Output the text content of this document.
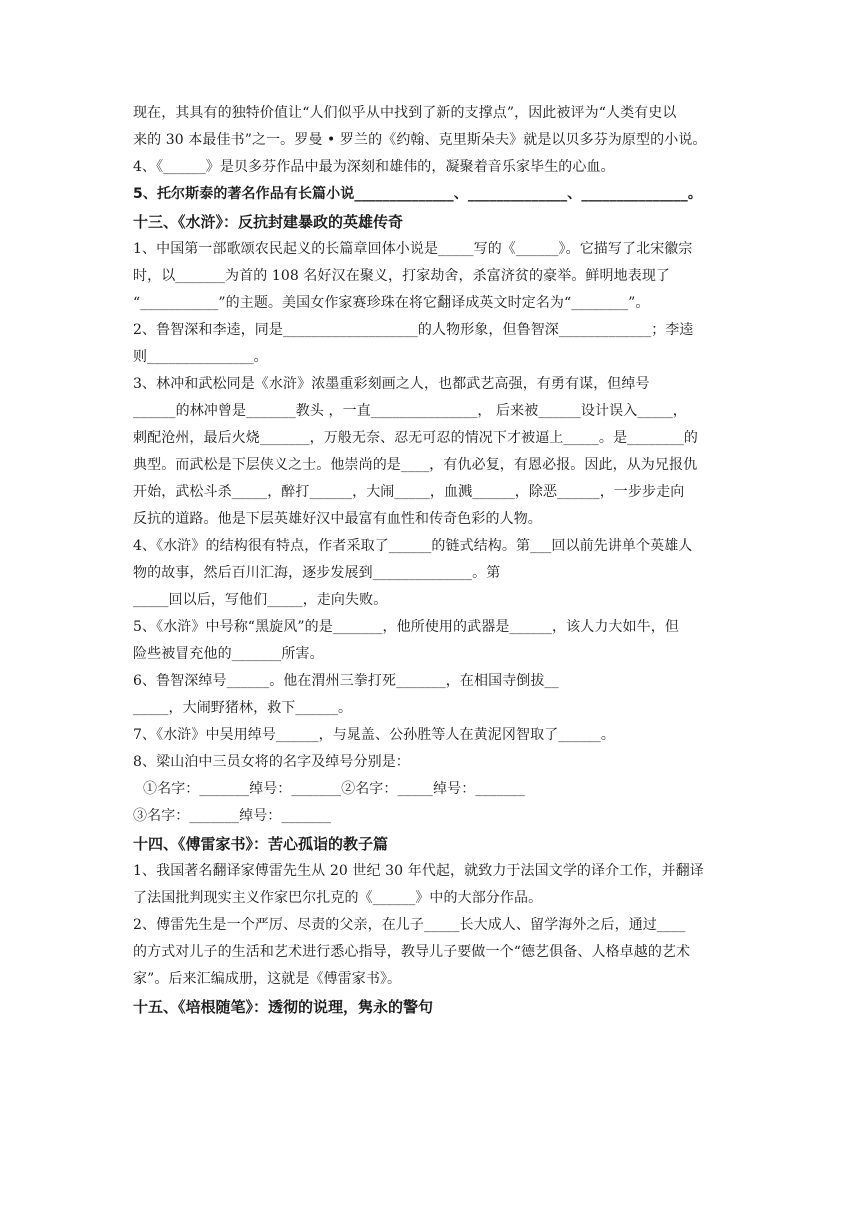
现在，其具有的独特价值让“人们似乎从中找到了新的支撑点”，因此被评为“人类有史以
来的 30 本最佳书”之一。罗曼 • 罗兰的《约翰、克里斯朵夫》就是以贝多芬为原型的小说。
4、《______》是贝多芬作品中最为深刻和雄伟的，凝聚着音乐家毕生的心血。
5、托尔斯泰的著名作品有长篇小说______________、______________、_______________。
十三、《水浒》：反抗封建暴政的英雄传奇
1、中国第一部歌颂农民起义的长篇章回体小说是_____写的《______》。它描写了北宋徽宗
时，以_______为首的 108 名好汉在聚义，打家劫舍，杀富济贫的豪举。鲜明地表现了
“___________”的主题。美国女作家赛珍珠在将它翻译成英文时定名为“________”。
2、鲁智深和李逵，同是___________________的人物形象，但鲁智深_____________；李逵
则_______________。
3、林冲和武松同是《水浒》浓墨重彩刻画之人，也都武艺高强，有勇有谋，但绰号
______的林冲曾是_______教头 ，一直_______________， 后来被______设计误入_____，
刺配沧州，最后火烧_______，万般无奈、忍无可忍的情况下才被逼上_____。是________的
典型。而武松是下层侠义之士。他崇尚的是____，有仇必复，有恩必报。因此，从为兄报仇
开始，武松斗杀_____，醉打______，大闹_____，血溅______，除恶______，一步步走向
反抗的道路。他是下层英雄好汉中最富有血性和传奇色彩的人物。
4、《水浒》的结构很有特点，作者采取了______的链式结构。第___回以前先讲单个英雄人
物的故事，然后百川汇海，逐步发展到______________。第
_____回以后，写他们_____，走向失败。
5、《水浒》中号称“黑旋风”的是_______，他所使用的武器是______，该人力大如牛，但
险些被冒充他的_______所害。
6、鲁智深绰号______。他在渭州三拳打死_______，在相国寺倒拔__
_____，大闹野猪林，救下______。
7、《水浒》中吴用绰号______，与晁盖、公孙胜等人在黄泥冈智取了______。
8、梁山泊中三员女将的名字及绰号分别是：
①名字：_______绰号：_______②名字：_____绰号：_______
③名字：_______绰号：_______
十四、《傅雷家书》：苦心孤诣的教子篇
1、我国著名翻译家傅雷先生从 20 世纪 30 年代起，就致力于法国文学的译介工作，并翻译
了法国批判现实主义作家巴尔扎克的《______》中的大部分作品。
2、傅雷先生是一个严厉、尽责的父亲，在儿子_____长大成人、留学海外之后，通过____
的方式对儿子的生活和艺术进行悉心指导，教导儿子要做一个“德艺俱备、人格卓越的艺术
家”。后来汇编成册，这就是《傅雷家书》。
十五、《培根随笔》：透彻的说理，隽永的警句
